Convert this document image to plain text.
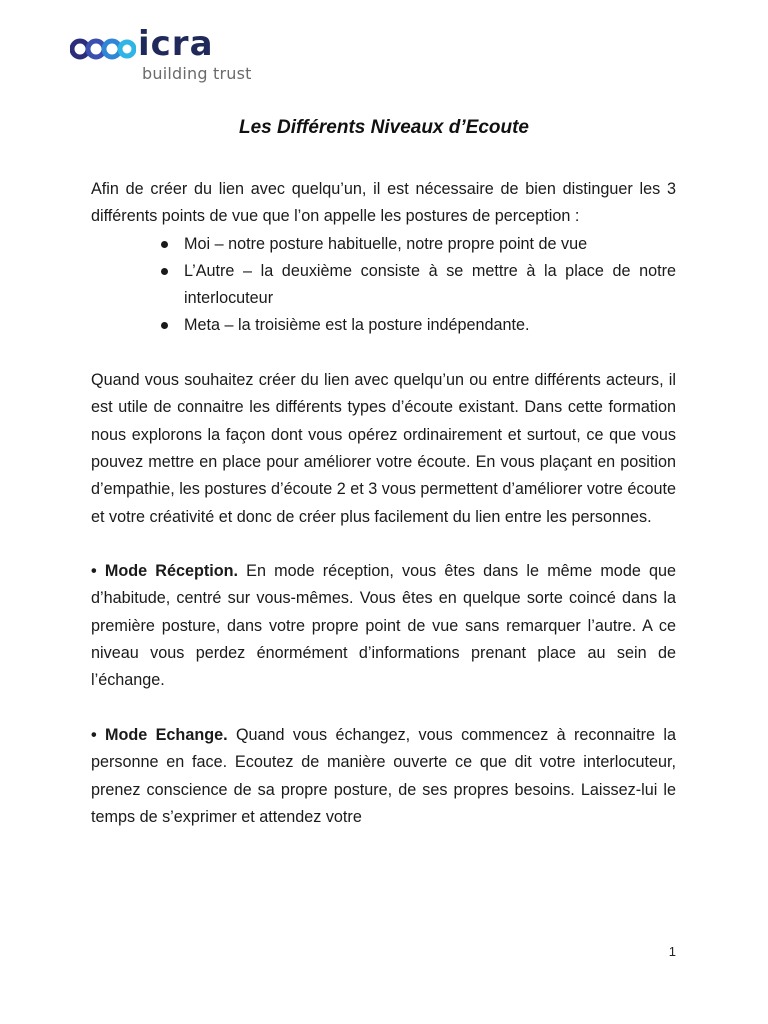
icra
building trust
Les Différents Niveaux d’Ecoute

Afin de créer du lien avec quelqu’un, il est nécessaire de bien distinguer les 3 différents points de vue que l’on appelle les postures de perception :

Moi – notre posture habituelle, notre propre point de vue
L’Autre – la deuxième consiste à se mettre à la place de notre interlocuteur
Meta – la troisième est la posture indépendante.

Quand vous souhaitez créer du lien avec quelqu’un ou entre différents acteurs, il est utile de connaitre les différents types d’écoute existant. Dans cette formation nous explorons la façon dont vous opérez ordinairement et surtout, ce que vous pouvez mettre en place pour améliorer votre écoute. En vous plaçant en position d’empathie, les postures d’écoute 2 et 3 vous permettent d’améliorer votre écoute et votre créativité et donc de créer plus facilement du lien entre les personnes.

• Mode Réception. En mode réception, vous êtes dans le même mode que d’habitude, centré sur vous-mêmes. Vous êtes en quelque sorte coincé dans la première posture, dans votre propre point de vue sans remarquer l’autre. A ce niveau vous perdez énormément d’informations prenant place au sein de l’échange.

• Mode Echange. Quand vous échangez, vous commencez à reconnaitre la personne en face. Ecoutez de manière ouverte ce que dit votre interlocuteur, prenez conscience de sa propre posture, de ses propres besoins. Laissez-lui le temps de s’exprimer et attendez votre

1
